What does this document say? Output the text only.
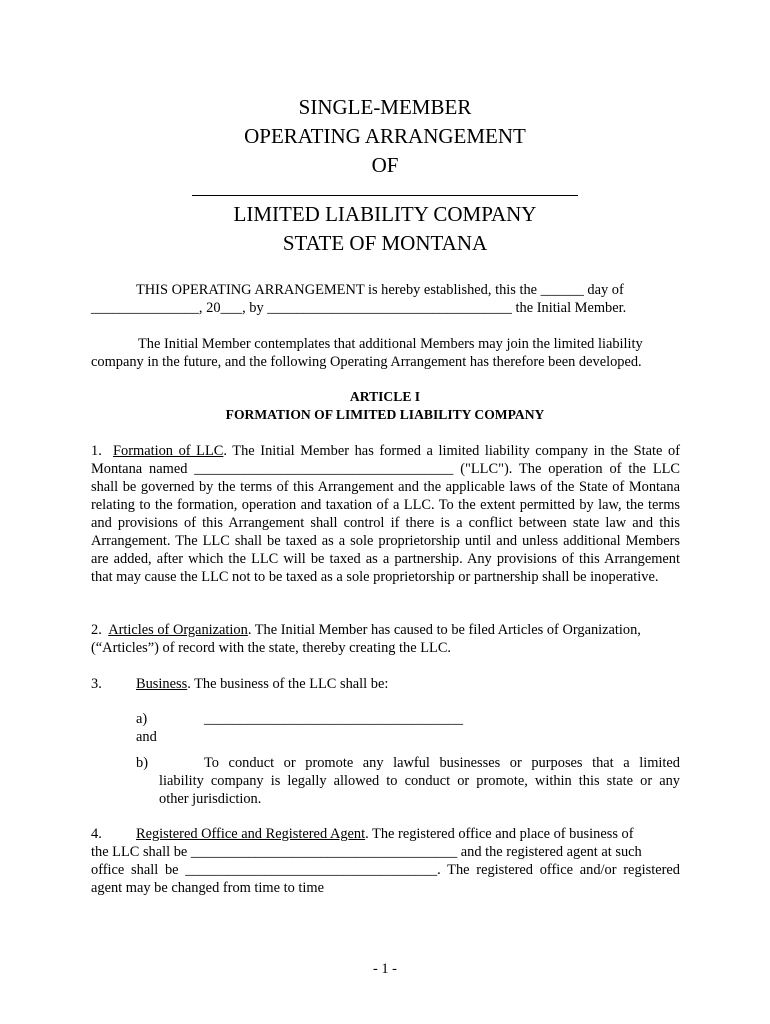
SINGLE-MEMBER
OPERATING ARRANGEMENT
OF
LIMITED LIABILITY COMPANY
STATE OF MONTANA
THIS OPERATING ARRANGEMENT is hereby established, this the ______ day of
_______________, 20___, by __________________________________ the Initial Member.
The Initial Member contemplates that additional Members may join the limited liability
company in the future, and the following Operating Arrangement has therefore been developed.
ARTICLE I
FORMATION OF LIMITED LIABILITY COMPANY
1. Formation of LLC. The Initial Member has formed a limited liability company in the State of Montana named ____________________________________ ("LLC"). The operation of the LLC shall be governed by the terms of this Arrangement and the applicable laws of the State of Montana relating to the formation, operation and taxation of a LLC. To the extent permitted by law, the terms and provisions of this Arrangement shall control if there is a conflict between state law and this Arrangement. The LLC shall be taxed as a sole proprietorship until and unless additional Members are added, after which the LLC will be taxed as a partnership. Any provisions of this Arrangement that may cause the LLC not to be taxed as a sole proprietorship or partnership shall be inoperative.
2. Articles of Organization. The Initial Member has caused to be filed Articles of Organization,
(“Articles”) of record with the state, thereby creating the LLC.
3. Business. The business of the LLC shall be:
a)	____________________________________
and
b)	To conduct or promote any lawful businesses or purposes that a limited
liability company is legally allowed to conduct or promote, within this state or any
other jurisdiction.
4. Registered Office and Registered Agent. The registered office and place of business of
the LLC shall be _____________________________________ and the registered agent at such
office shall be ___________________________________. The registered office and/or registered
agent may be changed from time to time
- 1 -
